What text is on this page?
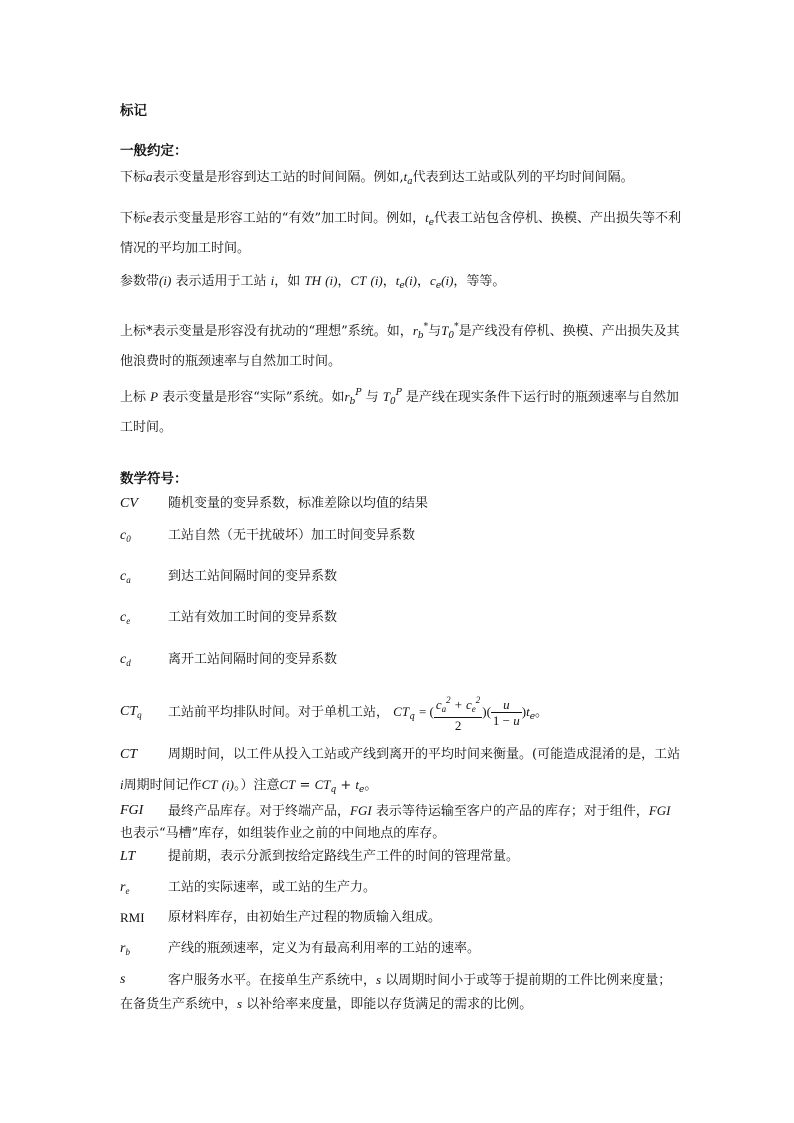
标记
一般约定：
下标a表示变量是形容到达工站的时间间隔。例如$,t_a$代表到达工站或队列的平均时间间隔。
下标e表示变量是形容工站的“有效”加工时间。例如，$t_e$代表工站包含停机、换模、产出损失等不利情况的平均加工时间。
参数带(i) 表示适用于工站 i，如 TH (i)，CT (i)，$t_e(i)$，$c_e(i)$，等等。
上标*表示变量是形容没有扰动的“理想”系统。如，$r_b^*$与$T_0^*$是产线没有停机、换模、产出损失及其他浪费时的瓶颈速率与自然加工时间。
上标 P 表示变量是形容“实际”系统。如$r_b^P$ 与 $T_0^P$ 是产线在现实条件下运行时的瓶颈速率与自然加工时间。
数学符号：
CV 随机变量的变异系数，标准差除以均值的结果
$c_0$	工站自然（无干扰破坏）加工时间变异系数
$c_a$	到达工站间隔时间的变异系数
$c_e$	工站有效加工时间的变异系数
$c_d$	离开工站间隔时间的变异系数
$CT_q$ 工站前平均排队时间。对于单机工站， $CT_q$ = ( $\frac{c_a^2 + c_e^2}{2}$ )( $\frac{u}{1 - u} )t_e$。
CT	周期时间，以工件从投入工站或产线到离开的平均时间来衡量。(可能造成混淆的是，工站i周期时间记作CT (i)。）注意CT = $CT_q + t_e$。
FGI	最终产品库存。对于终端产品，FGI 表示等待运输至客户的产品的库存；对于组件，FGI 也表示“马槽”库存，如组装作业之前的中间地点的库存。
LT	提前期，表示分派到按给定路线生产工件的时间的管理常量。
$r_e$	工站的实际速率，或工站的生产力。
RMI 原材料库存，由初始生产过程的物质输入组成。
$r_b$	产线的瓶颈速率，定义为有最高利用率的工站的速率。
s	客户服务水平。在接单生产系统中，s 以周期时间小于或等于提前期的工件比例来度量；在备货生产系统中，s 以补给率来度量，即能以存货满足的需求的比例。
